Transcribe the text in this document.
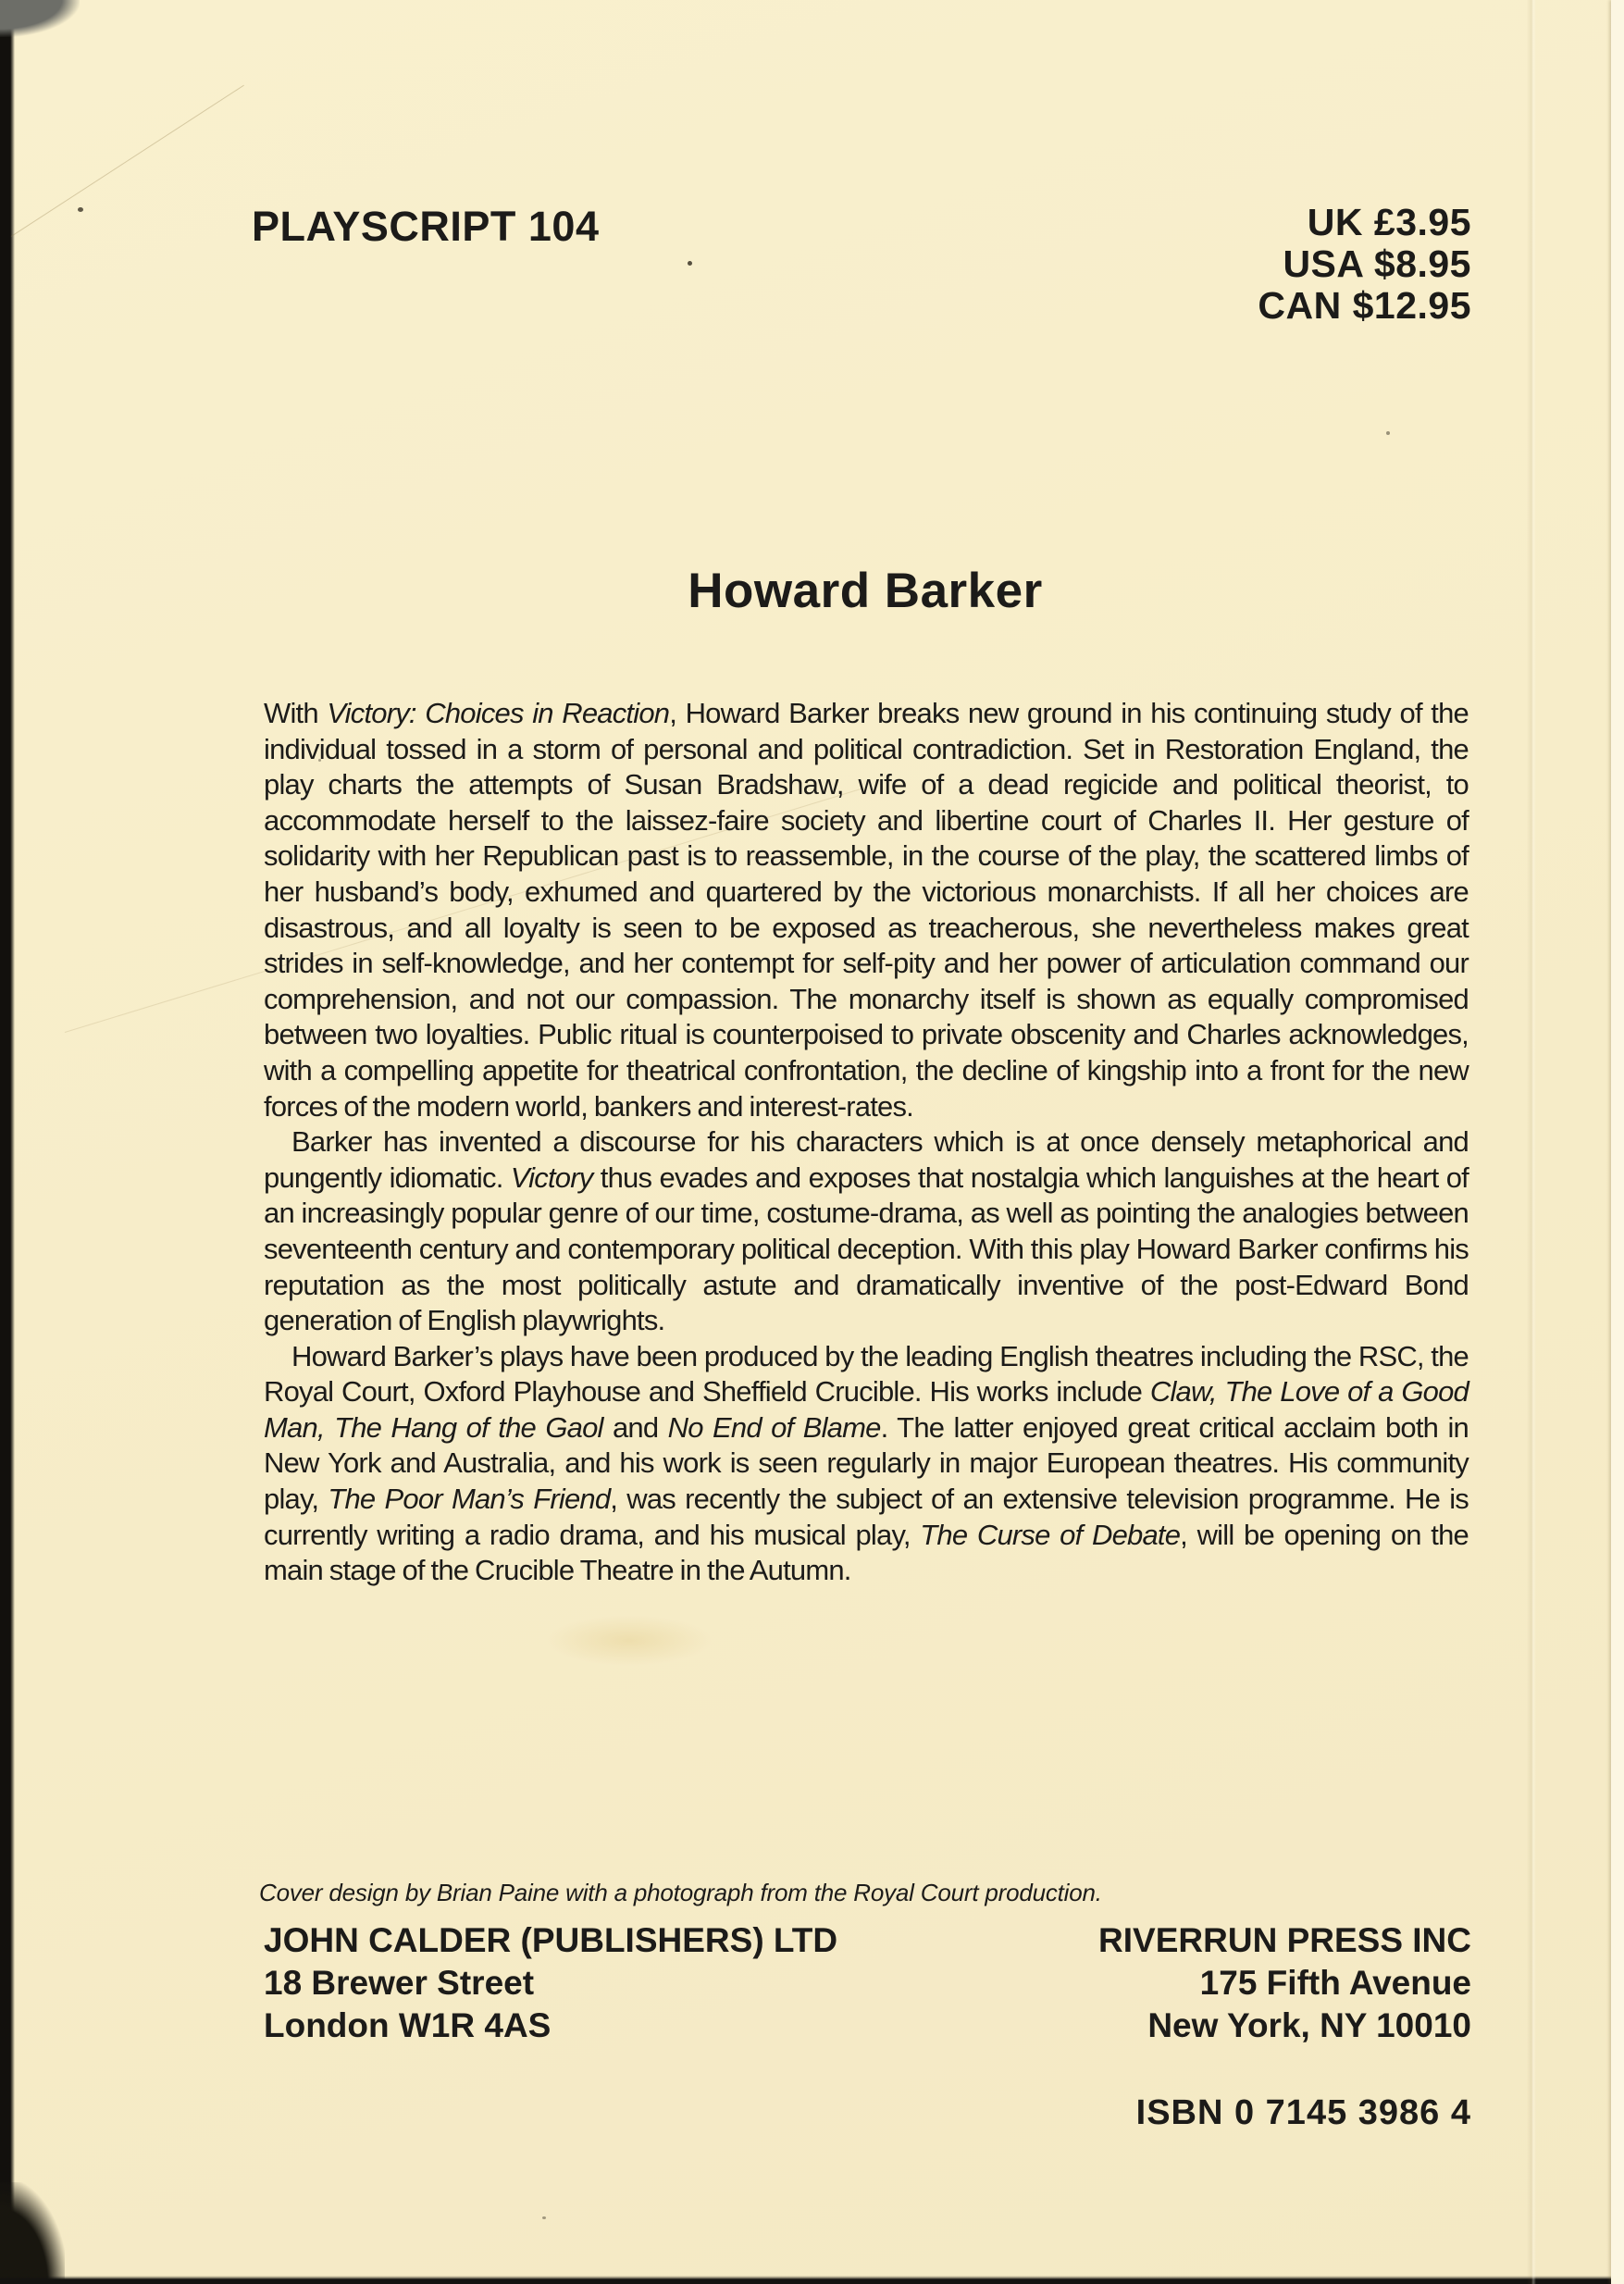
PLAYSCRIPT 104	UK £3.95
USA $8.95
CAN $12.95
Howard Barker

With Victory: Choices in Reaction, Howard Barker breaks new ground in his continuing study of the individual tossed in a storm of personal and political contradiction. Set in Restoration England, the play charts the attempts of Susan Bradshaw, wife of a dead regicide and political theorist, to accommodate herself to the laissez-faire society and libertine court of Charles II. Her gesture of solidarity with her Republican past is to reassemble, in the course of the play, the scattered limbs of her husband’s body, exhumed and quartered by the victorious monarchists. If all her choices are disastrous, and all loyalty is seen to be exposed as treacherous, she nevertheless makes great strides in self-knowledge, and her contempt for self-pity and her power of articulation command our comprehension, and not our compassion. The monarchy itself is shown as equally compromised between two loyalties. Public ritual is counterpoised to private obscenity and Charles acknowledges, with a compelling appetite for theatrical confrontation, the decline of kingship into a front for the new forces of the modern world, bankers and interest-rates.

Barker has invented a discourse for his characters which is at once densely metaphorical and pungently idiomatic. Victory thus evades and exposes that nostalgia which languishes at the heart of an increasingly popular genre of our time, costume-drama, as well as pointing the analogies between seventeenth century and contemporary political deception. With this play Howard Barker confirms his reputation as the most politically astute and dramatically inventive of the post-Edward Bond generation of English playwrights.

Howard Barker’s plays have been produced by the leading English theatres including the RSC, the Royal Court, Oxford Playhouse and Sheffield Crucible. His works include Claw, The Love of a Good Man, The Hang of the Gaol and No End of Blame. The latter enjoyed great critical acclaim both in New York and Australia, and his work is seen regularly in major European theatres. His community play, The Poor Man’s Friend, was recently the subject of an extensive television programme. He is currently writing a radio drama, and his musical play, The Curse of Debate, will be opening on the main stage of the Crucible Theatre in the Autumn.

Cover design by Brian Paine with a photograph from the Royal Court production.
JOHN CALDER (PUBLISHERS) LTD
18 Brewer Street
London W1R 4AS
RIVERRUN PRESS INC
175 Fifth Avenue
New York, NY 10010
ISBN 0 7145 3986 4
